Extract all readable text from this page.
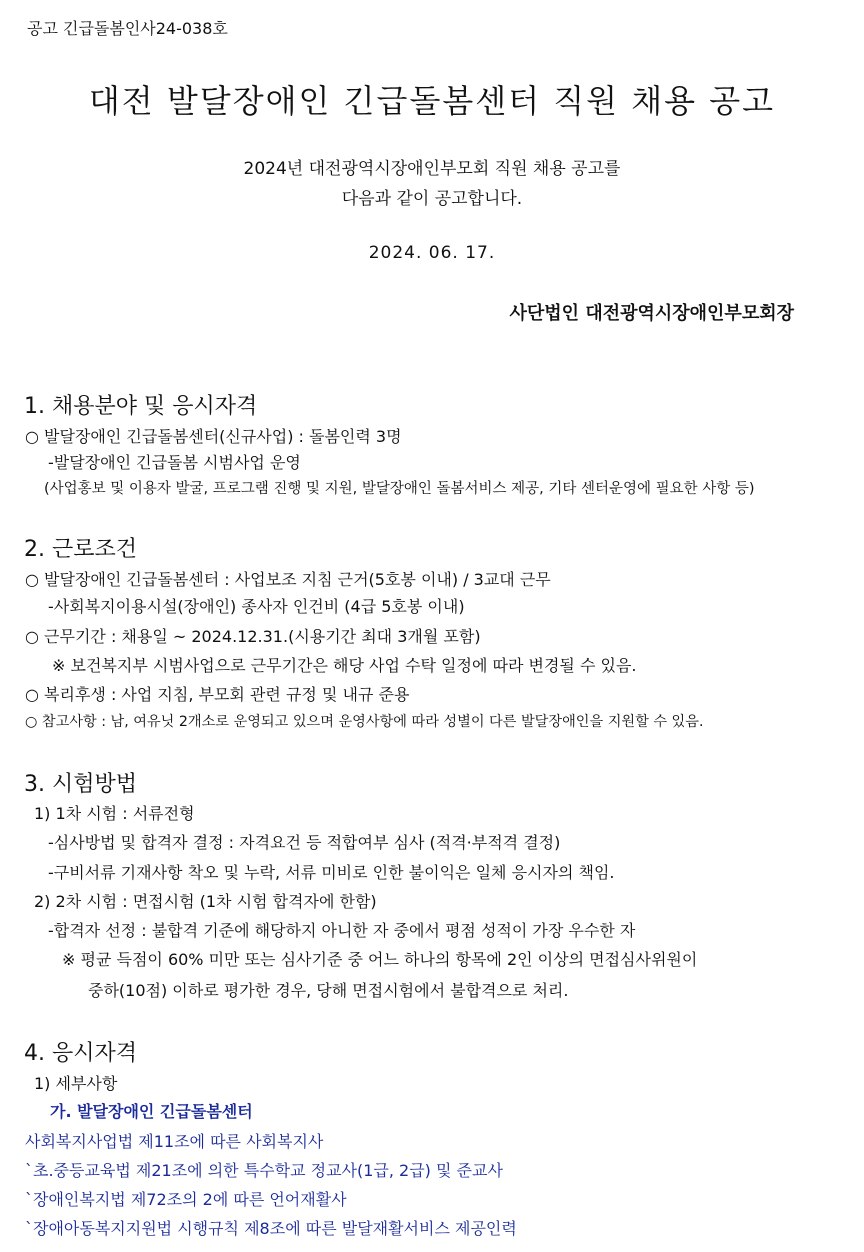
공고 긴급돌봄인사24-038호
대전 발달장애인 긴급돌봄센터 직원 채용 공고
2024년 대전광역시장애인부모회 직원 채용 공고를
다음과 같이 공고합니다.
2024. 06. 17.
사단법인 대전광역시장애인부모회장
1. 채용분야 및 응시자격
○ 발달장애인 긴급돌봄센터(신규사업) : 돌봄인력 3명
-발달장애인 긴급돌봄 시범사업 운영
(사업홍보 및 이용자 발굴, 프로그램 진행 및 지원, 발달장애인 돌봄서비스 제공, 기타 센터운영에 필요한 사항 등)
2. 근로조건
○ 발달장애인 긴급돌봄센터 : 사업보조 지침 근거(5호봉 이내) / 3교대 근무
-사회복지이용시설(장애인) 종사자 인건비 (4급 5호봉 이내)
○ 근무기간 : 채용일 ~ 2024.12.31.(시용기간 최대 3개월 포함)
※ 보건복지부 시범사업으로 근무기간은 해당 사업 수탁 일정에 따라 변경될 수 있음.
○ 복리후생 : 사업 지침, 부모회 관련 규정 및 내규 준용
○ 참고사항 : 남, 여유닛 2개소로 운영되고 있으며 운영사항에 따라 성별이 다른 발달장애인을 지원할 수 있음.
3. 시험방법
1) 1차 시험 : 서류전형
-심사방법 및 합격자 결정 : 자격요건 등 적합여부 심사 (적격·부적격 결정)
-구비서류 기재사항 착오 및 누락, 서류 미비로 인한 불이익은 일체 응시자의 책임.
2) 2차 시험 : 면접시험 (1차 시험 합격자에 한함)
-합격자 선정 : 불합격 기준에 해당하지 아니한 자 중에서 평점 성적이 가장 우수한 자
※ 평균 득점이 60% 미만 또는 심사기준 중 어느 하나의 항목에 2인 이상의 면접심사위원이
중하(10점) 이하로 평가한 경우, 당해 면접시험에서 불합격으로 처리.
4. 응시자격
1) 세부사항
가. 발달장애인 긴급돌봄센터
사회복지사업법 제11조에 따른 사회복지사
`초.중등교육법 제21조에 의한 특수학교 정교사(1급, 2급) 및 준교사
`장애인복지법 제72조의 2에 따른 언어재활사
`장애아동복지지원법 시행규칙 제8조에 따른 발달재활서비스 제공인력
